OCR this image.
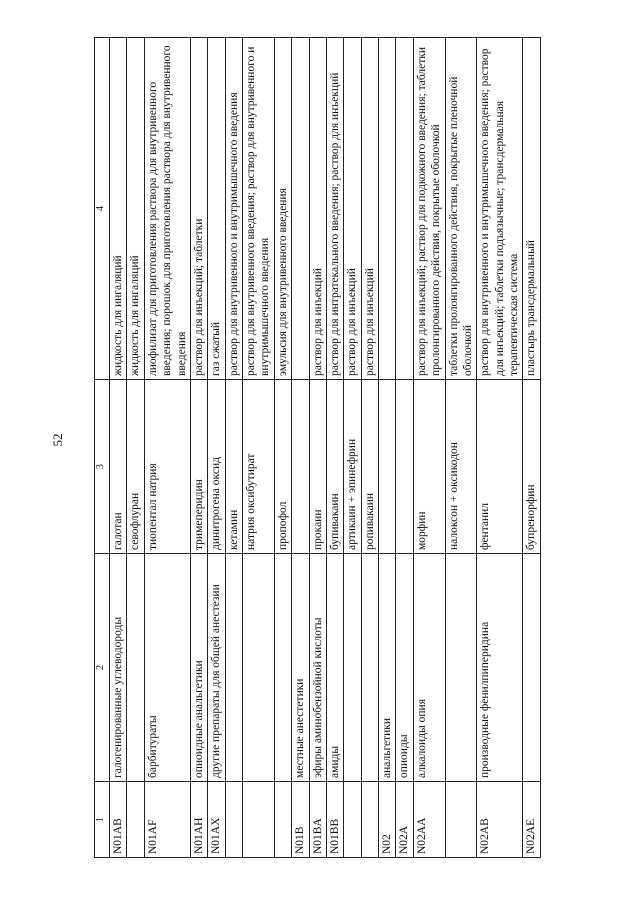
52
1	2	3	4
N01AB	галогенированные углеводороды	галотан	жидкость для ингаляций
		севофлуран	жидкость для ингаляций
N01AF	барбитураты	тиопентал натрия	лиофилизат для приготовления раствора для внутривенного введения; порошок для приготовления раствора для внутривенного введения
N01AH	опиоидные анальгетики	тримеперидин	раствор для инъекций; таблетки
N01AX	другие препараты для общей анестезии	динитрогена оксид	газ сжатый
		кетамин	раствор для внутривенного и внутримышечного введения
		натрия оксибутират	раствор для внутривенного введения; раствор для внутривенного и внутримышечного введения
		пропофол	эмульсия для внутривенного введения
N01B	местные анестетики		
N01BA	эфиры аминобензойной кислоты	прокаин	раствор для инъекций
N01BB	амиды	бупивакаин	раствор для интратекального введения; раствор для инъекций
		артикаин + эпинефрин	раствор для инъекций
		ропивакаин	раствор для инъекций
N02	анальгетики		
N02A	опиоиды		
N02AA	алкалоиды опия	морфин	раствор для инъекций; раствор для подкожного введения; таблетки пролонгированного действия, покрытые оболочкой
		налоксон + оксикодон	таблетки пролонгированного действия, покрытые пленочной оболочкой
N02AB	производные фенилпиперидина	фентанил	раствор для внутривенного и внутримышечного введения; раствор для инъекций; таблетки подъязычные; трансдермальная терапевтическая система
N02AE		бупренорфин	пластырь трансдермальный
